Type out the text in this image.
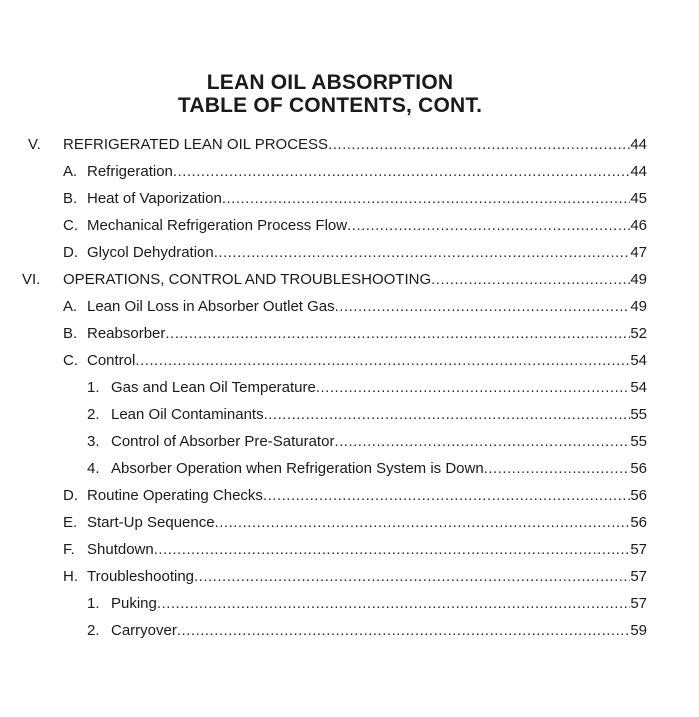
LEAN OIL ABSORPTION
TABLE OF CONTENTS, CONT.
V. REFRIGERATED LEAN OIL PROCESS .....	44
A. Refrigeration .....	44
B. Heat of Vaporization .....	45
C. Mechanical Refrigeration Process Flow .....	46
D. Glycol Dehydration .....	47
VI. OPERATIONS, CONTROL AND TROUBLESHOOTING .....	49
A. Lean Oil Loss in Absorber Outlet Gas .....	49
B. Reabsorber .....	52
C. Control .....	54
1. Gas and Lean Oil Temperature .....	54
2. Lean Oil Contaminants .....	55
3. Control of Absorber Pre-Saturator .....	55
4. Absorber Operation when Refrigeration System is Down .....	56
D. Routine Operating Checks .....	56
E. Start-Up Sequence .....	56
F. Shutdown .....	57
H. Troubleshooting .....	57
1. Puking .....	57
2. Carryover .....	59
